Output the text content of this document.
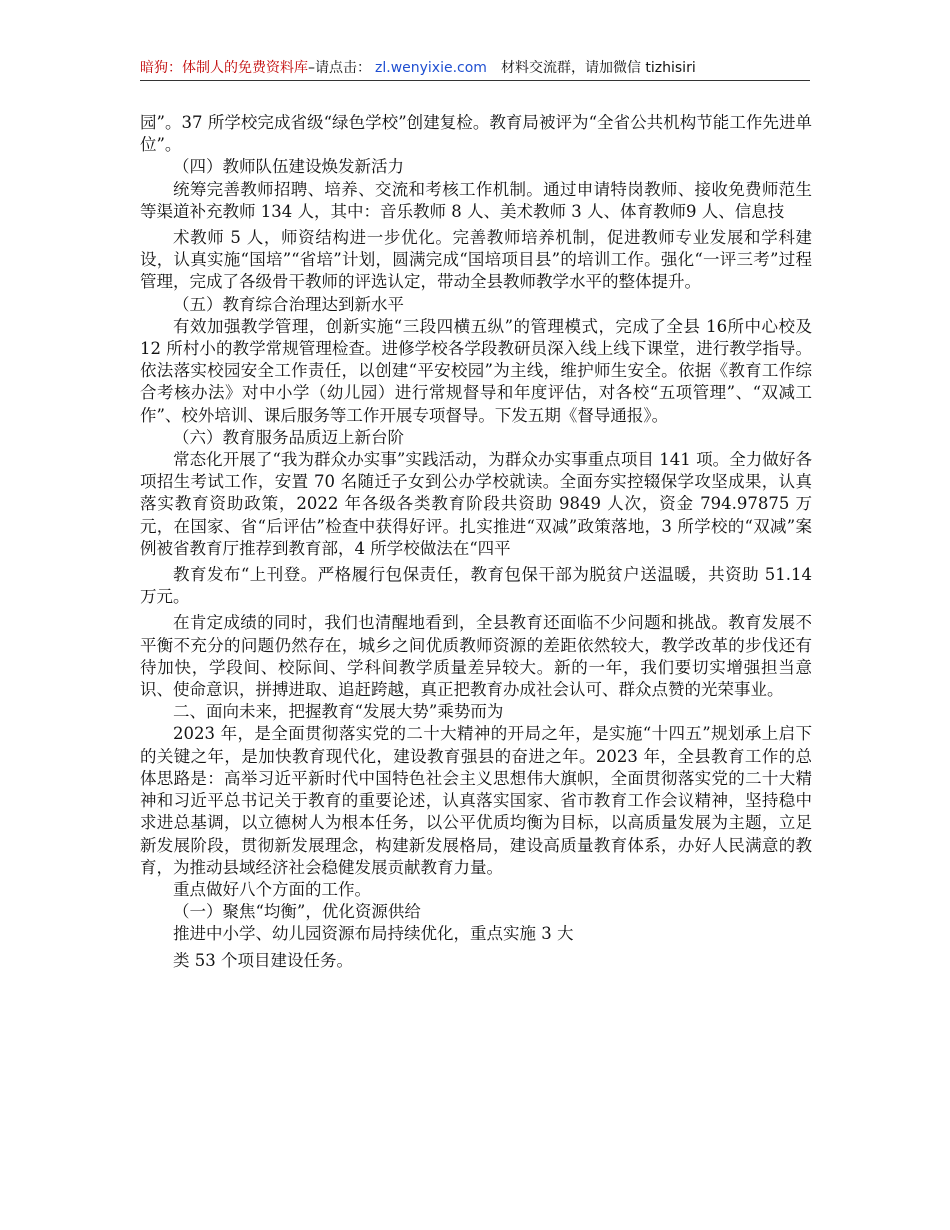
暗狗：体制人的免费资料库–请点击： zl.wenyixie.com 材料交流群，请加微信 tizhisiri

园”。37 所学校完成省级“绿色学校”创建复检。教育局被评为“全省公共机构节能工作先进单位”。

（四）教师队伍建设焕发新活力

统筹完善教师招聘、培养、交流和考核工作机制。通过申请特岗教师、接收免费师范生等渠道补充教师 134 人，其中：音乐教师 8 人、美术教师 3 人、体育教师9 人、信息技

术教师 5 人，师资结构进一步优化。完善教师培养机制，促进教师专业发展和学科建设，认真实施“国培”“省培”计划，圆满完成“国培项目县”的培训工作。强化“一评三考”过程管理，完成了各级骨干教师的评选认定，带动全县教师教学水平的整体提升。

（五）教育综合治理达到新水平

有效加强教学管理，创新实施“三段四横五纵”的管理模式，完成了全县 16所中心校及 12 所村小的教学常规管理检查。进修学校各学段教研员深入线上线下课堂，进行教学指导。依法落实校园安全工作责任，以创建“平安校园”为主线，维护师生安全。依据《教育工作综合考核办法》对中小学（幼儿园）进行常规督导和年度评估，对各校“五项管理”、“双减工作”、校外培训、课后服务等工作开展专项督导。下发五期《督导通报》。

（六）教育服务品质迈上新台阶

常态化开展了“我为群众办实事”实践活动，为群众办实事重点项目 141 项。全力做好各项招生考试工作，安置 70 名随迁子女到公办学校就读。全面夯实控辍保学攻坚成果，认真落实教育资助政策，2022 年各级各类教育阶段共资助 9849 人次，资金 794.97875 万元，在国家、省“后评估”检查中获得好评。扎实推进“双减”政策落地，3 所学校的“双减”案例被省教育厅推荐到教育部，4 所学校做法在“四平

教育发布“上刊登。严格履行包保责任，教育包保干部为脱贫户送温暖，共资助 51.14 万元。

在肯定成绩的同时，我们也清醒地看到，全县教育还面临不少问题和挑战。教育发展不平衡不充分的问题仍然存在，城乡之间优质教师资源的差距依然较大，教学改革的步伐还有待加快，学段间、校际间、学科间教学质量差异较大。新的一年，我们要切实增强担当意识、使命意识，拼搏进取、追赶跨越，真正把教育办成社会认可、群众点赞的光荣事业。

二、面向未来，把握教育“发展大势”乘势而为

2023 年，是全面贯彻落实党的二十大精神的开局之年，是实施“十四五”规划承上启下的关键之年，是加快教育现代化，建设教育强县的奋进之年。2023 年，全县教育工作的总体思路是：高举习近平新时代中国特色社会主义思想伟大旗帜，全面贯彻落实党的二十大精神和习近平总书记关于教育的重要论述，认真落实国家、省市教育工作会议精神，坚持稳中求进总基调，以立德树人为根本任务，以公平优质均衡为目标，以高质量发展为主题，立足新发展阶段，贯彻新发展理念，构建新发展格局，建设高质量教育体系，办好人民满意的教育，为推动县域经济社会稳健发展贡献教育力量。

重点做好八个方面的工作。

（一）聚焦“均衡”，优化资源供给

推进中小学、幼儿园资源布局持续优化，重点实施 3 大

类 53 个项目建设任务。
